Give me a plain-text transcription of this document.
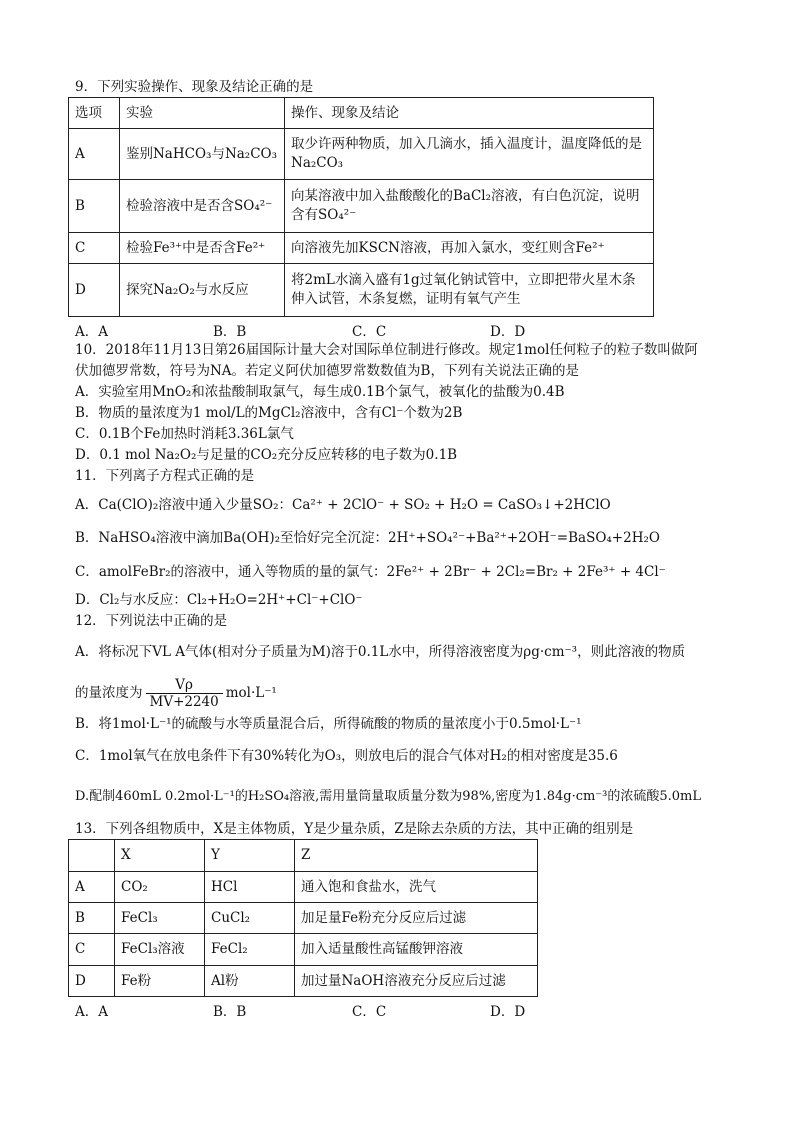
9．下列实验操作、现象及结论正确的是
选项	实验	操作、现象及结论
A	鉴别NaHCO₃与Na₂CO₃	取少许两种物质，加入几滴水，插入温度计，温度降低的是Na₂CO₃
B	检验溶液中是否含SO₄²⁻	向某溶液中加入盐酸酸化的BaCl₂溶液，有白色沉淀，说明含有SO₄²⁻
C	检验Fe³⁺中是否含Fe²⁺	向溶液先加KSCN溶液，再加入氯水，变红则含Fe²⁺
D	探究Na₂O₂与水反应	将2mL水滴入盛有1g过氧化钠试管中，立即把带火星木条伸入试管，木条复燃，证明有氧气产生
A．A	B．B	C．C	D．D
10．2018年11月13日第26届国际计量大会对国际单位制进行修改。规定1mol任何粒子的粒子数叫做阿
伏加德罗常数，符号为NA。若定义阿伏加德罗常数数值为B，下列有关说法正确的是
A．实验室用MnO₂和浓盐酸制取氯气，每生成0.1B个氯气，被氧化的盐酸为0.4B
B．物质的量浓度为1 mol/L的MgCl₂溶液中，含有Cl⁻个数为2B
C．0.1B个Fe加热时消耗3.36L氯气
D．0.1 mol Na₂O₂与足量的CO₂充分反应转移的电子数为0.1B
11．下列离子方程式正确的是
A．Ca(ClO)₂溶液中通入少量SO₂：Ca²⁺ + 2ClO⁻ + SO₂ + H₂O = CaSO₃↓+2HClO
B．NaHSO₄溶液中滴加Ba(OH)₂至恰好完全沉淀：2H⁺+SO₄²⁻+Ba²⁺+2OH⁻=BaSO₄+2H₂O
C．amolFeBr₂的溶液中，通入等物质的量的氯气：2Fe²⁺ + 2Br⁻ + 2Cl₂=Br₂ + 2Fe³⁺ + 4Cl⁻
D．Cl₂与水反应：Cl₂+H₂O=2H⁺+Cl⁻+ClO⁻
12．下列说法中正确的是
A．将标况下VL A气体(相对分子质量为M)溶于0.1L水中，所得溶液密度为ρg·cm⁻³，则此溶液的物质
的量浓度为 $\frac{V\rho}{MV+2240} mol\cdot L^{-1}$
B．将1mol·L⁻¹的硫酸与水等质量混合后，所得硫酸的物质的量浓度小于0.5mol·L⁻¹
C．1mol氧气在放电条件下有30%转化为O₃，则放电后的混合气体对H₂的相对密度是35.6
D.配制460mL 0.2mol·L⁻¹的H₂SO₄溶液,需用量筒量取质量分数为98%,密度为1.84g·cm⁻³的浓硫酸5.0mL
13．下列各组物质中，X是主体物质，Y是少量杂质，Z是除去杂质的方法，其中正确的组别是
	X	Y	Z
A	CO₂	HCl	通入饱和食盐水，洗气
B	FeCl₃	CuCl₂	加足量Fe粉充分反应后过滤
C	FeCl₃溶液	FeCl₂	加入适量酸性高锰酸钾溶液
D	Fe粉	Al粉	加过量NaOH溶液充分反应后过滤
A．A	B．B	C．C	D．D
